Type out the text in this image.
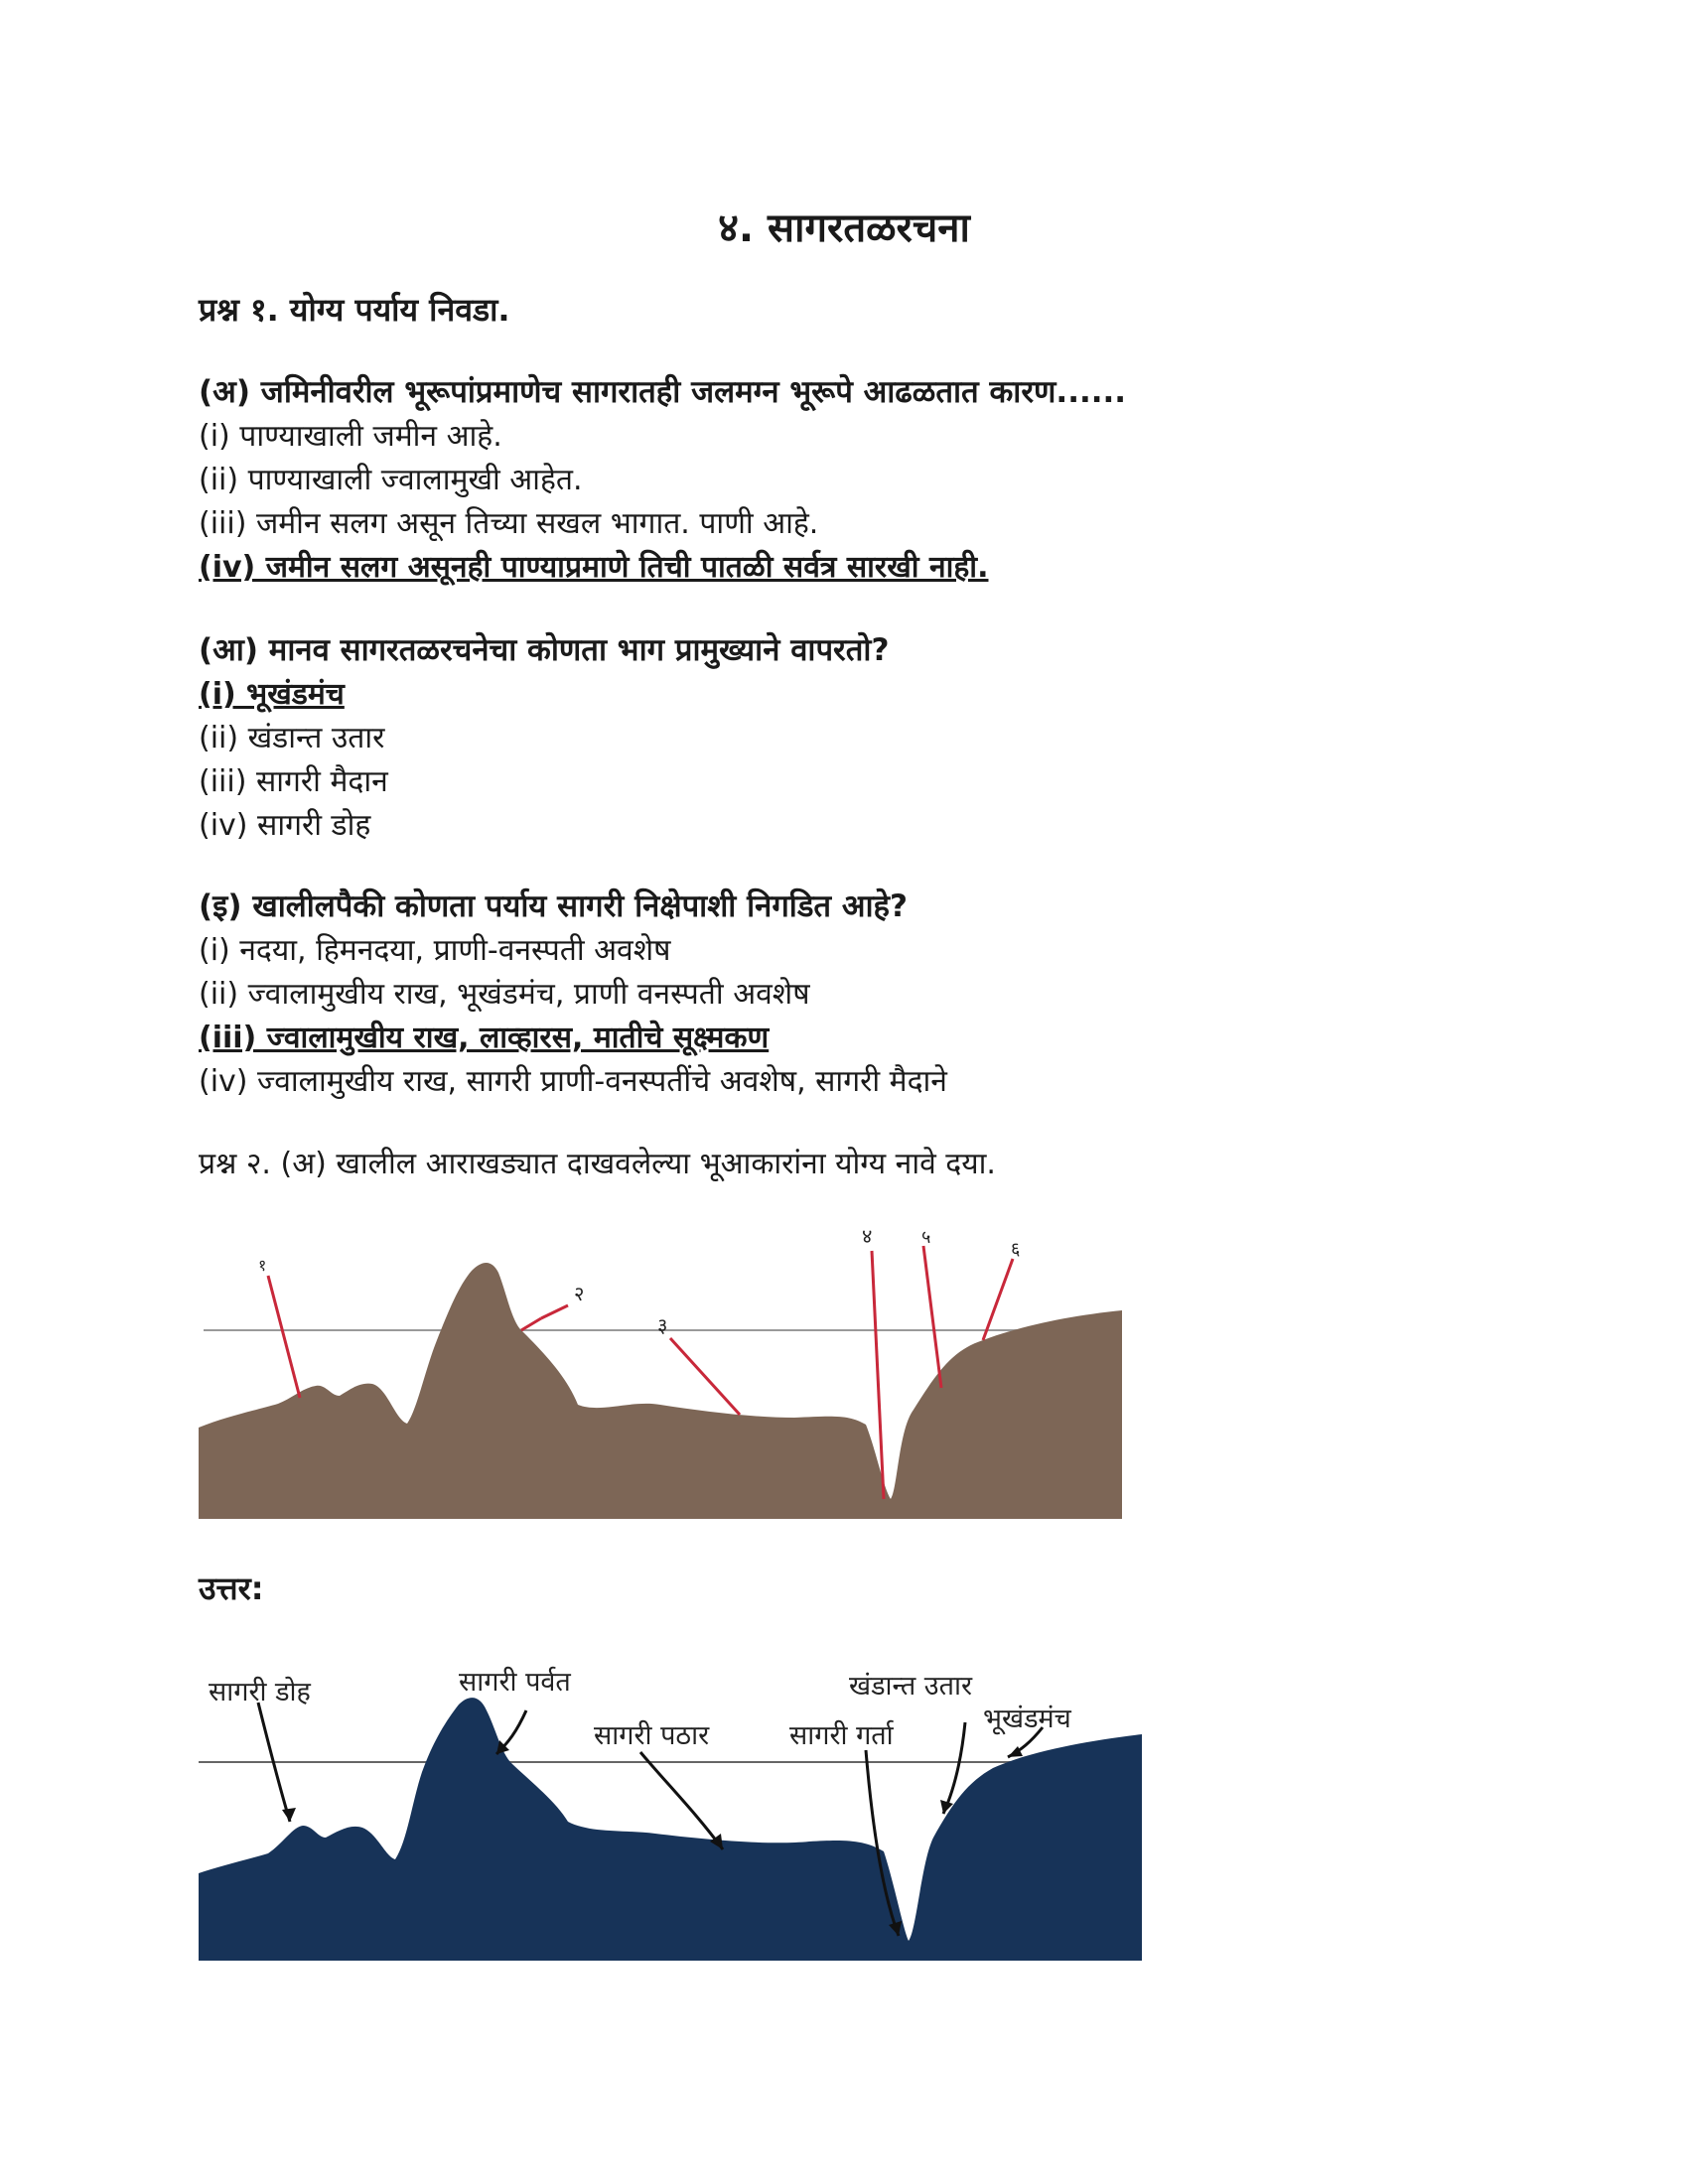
४. सागरतळरचना
प्रश्न १. योग्य पर्याय निवडा.

(अ) जमिनीवरील भूरूपांप्रमाणेच सागरातही जलमग्न भूरूपे आढळतात कारण......

(i) पाण्याखाली जमीन आहे.

(ii) पाण्याखाली ज्वालामुखी आहेत.

(iii) जमीन सलग असून तिच्या सखल भागात. पाणी आहे.

(iv) जमीन सलग असूनही पाण्याप्रमाणे तिची पातळी सर्वत्र सारखी नाही.

(आ) मानव सागरतळरचनेचा कोणता भाग प्रामुख्याने वापरतो?

(i) भूखंडमंच

(ii) खंडान्त उतार

(iii) सागरी मैदान

(iv) सागरी डोह

(इ) खालीलपैकी कोणता पर्याय सागरी निक्षेपाशी निगडित आहे?

(i) नदया, हिमनदया, प्राणी-वनस्पती अवशेष

(ii) ज्वालामुखीय राख, भूखंडमंच, प्राणी वनस्पती अवशेष

(iii) ज्वालामुखीय राख, लाव्हारस, मातीचे सूक्ष्मकण

(iv) ज्वालामुखीय राख, सागरी प्राणी-वनस्पतींचे अवशेष, सागरी मैदाने

प्रश्न २. (अ) खालील आराखड्यात दाखवलेल्या भूआकारांना योग्य नावे दया.
१
२
३
४	५
६
उत्तर:
सागरी डोह	सागरी पर्वत
सागरी पठार	सागरी गर्ता
खंडान्त उतार
भूखंडमंच
